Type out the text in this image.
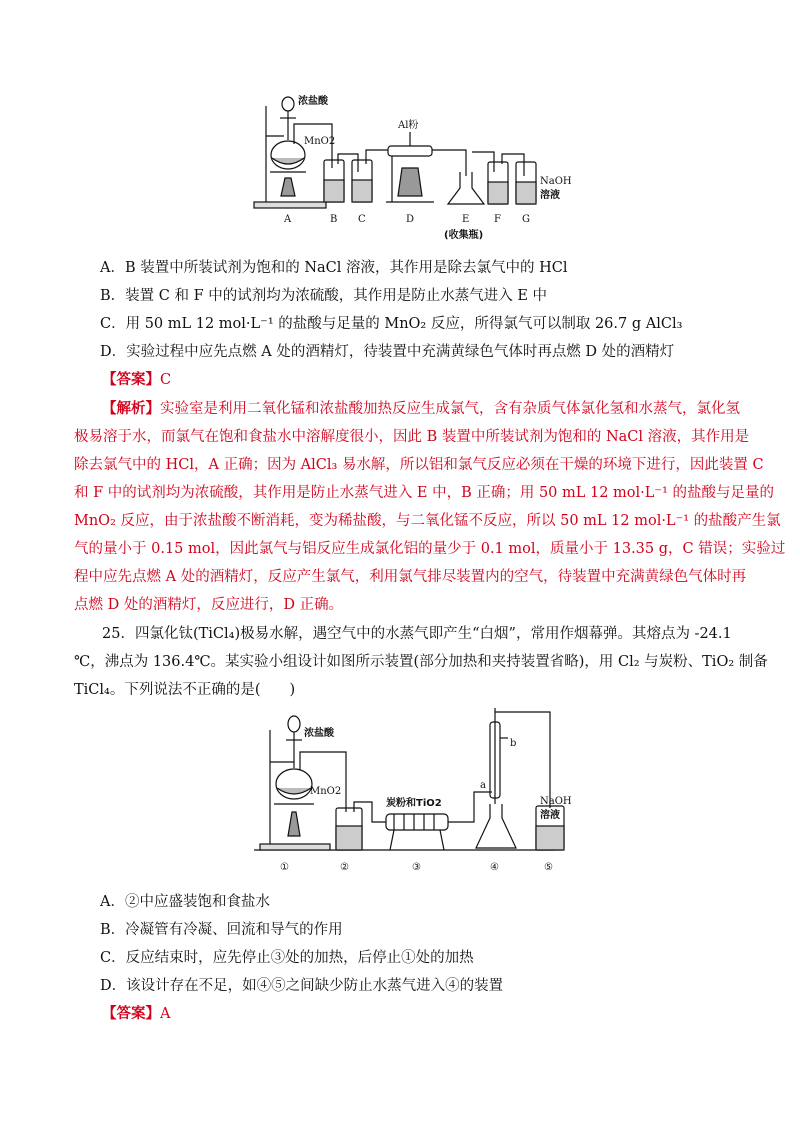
浓盐酸
MnO2
Al粉
NaOH
溶液
A	B C	D	E F G
(收集瓶)
A．B 装置中所装试剂为饱和的 NaCl 溶液，其作用是除去氯气中的 HCl
B．装置 C 和 F 中的试剂均为浓硫酸，其作用是防止水蒸气进入 E 中
C．用 50 mL 12 mol·L⁻¹ 的盐酸与足量的 MnO₂ 反应，所得氯气可以制取 26.7 g AlCl₃
D．实验过程中应先点燃 A 处的酒精灯，待装置中充满黄绿色气体时再点燃 D 处的酒精灯
【答案】C
【解析】实验室是利用二氧化锰和浓盐酸加热反应生成氯气，含有杂质气体氯化氢和水蒸气，氯化氢
极易溶于水，而氯气在饱和食盐水中溶解度很小，因此 B 装置中所装试剂为饱和的 NaCl 溶液，其作用是
除去氯气中的 HCl，A 正确；因为 AlCl₃ 易水解，所以铝和氯气反应必须在干燥的环境下进行，因此装置 C
和 F 中的试剂均为浓硫酸，其作用是防止水蒸气进入 E 中，B 正确；用 50 mL 12 mol·L⁻¹ 的盐酸与足量的
MnO₂ 反应，由于浓盐酸不断消耗，变为稀盐酸，与二氧化锰不反应，所以 50 mL 12 mol·L⁻¹ 的盐酸产生氯
气的量小于 0.15 mol，因此氯气与铝反应生成氯化铝的量少于 0.1 mol，质量小于 13.35 g，C 错误；实验过
程中应先点燃 A 处的酒精灯，反应产生氯气，利用氯气排尽装置内的空气，待装置中充满黄绿色气体时再
点燃 D 处的酒精灯，反应进行，D 正确。
25．四氯化钛(TiCl₄)极易水解，遇空气中的水蒸气即产生“白烟”，常用作烟幕弹。其熔点为 -24.1
℃，沸点为 136.4℃。某实验小组设计如图所示装置(部分加热和夹持装置省略)，用 Cl₂ 与炭粉、TiO₂ 制备
TiCl₄。下列说法不正确的是(　　)
浓盐酸
MnO2
炭粉和TiO2
a
b
NaOH
溶液
①	②	③	④	⑤
A．②中应盛装饱和食盐水
B．冷凝管有冷凝、回流和导气的作用
C．反应结束时，应先停止③处的加热，后停止①处的加热
D．该设计存在不足，如④⑤之间缺少防止水蒸气进入④的装置
【答案】A
